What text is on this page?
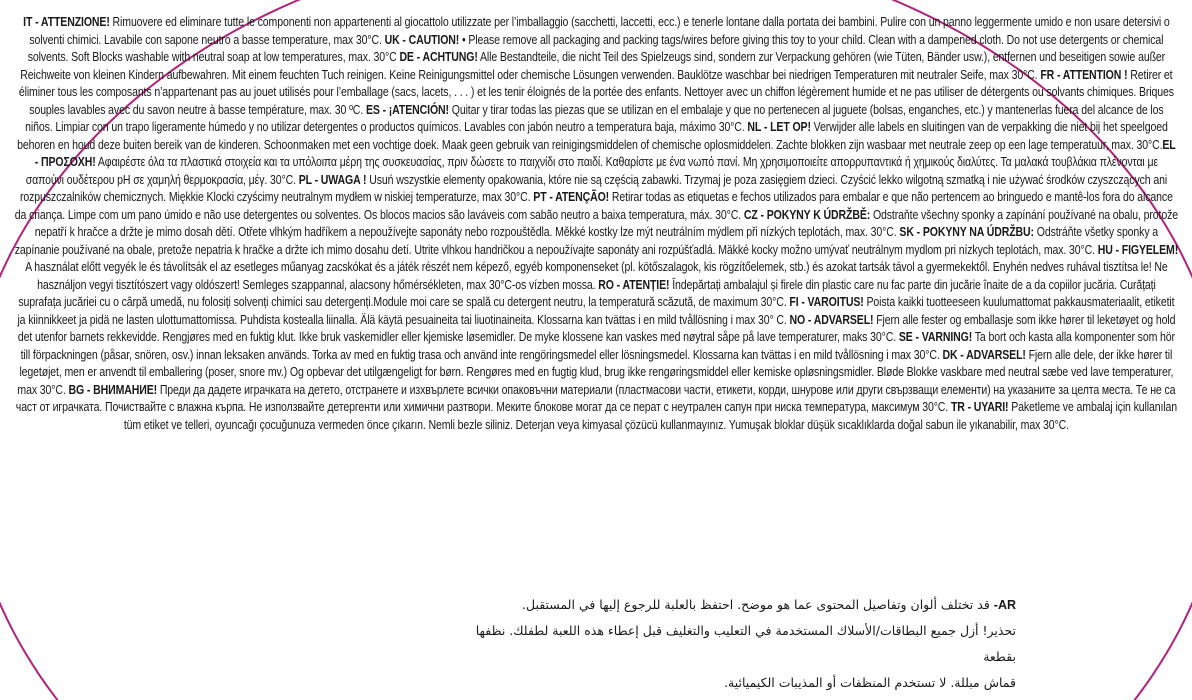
IT - ATTENZIONE! Rimuovere ed eliminare tutte le componenti non appartenenti al giocattolo utilizzate per l’imballaggio (sacchetti, laccetti, ecc.) e tenerle lontane dalla portata dei bambini. Pulire con un panno leggermente umido e non usare detersivi o solventi chimici. Lavabile con sapone neutro a basse temperature, max 30°C. UK - CAUTION! • Please remove all packaging and packing tags/wires before giving this toy to your child. Clean with a dampened cloth. Do not use detergents or chemical solvents. Soft Blocks washable with neutral soap at low temperatures, max. 30°C DE - ACHTUNG! Alle Bestandteile, die nicht Teil des Spielzeugs sind, sondern zur Verpackung gehören (wie Tüten, Bänder usw.), entfernen und beseitigen sowie außer Reichweite von kleinen Kindern aufbewahren. Mit einem feuchten Tuch reinigen. Keine Reinigungsmittel oder chemische Lösungen verwenden. Bauklötze waschbar bei niedrigen Temperaturen mit neutraler Seife, max 30°C. FR - ATTENTION ! Retirer et éliminer tous les composants n’appartenant pas au jouet utilisés pour l’emballage (sacs, lacets, . . . ) et les tenir éloignés de la portée des enfants. Nettoyer avec un chiffon légèrement humide et ne pas utiliser de détergents ou solvants chimiques. Briques souples lavables avec du savon neutre à basse température, max. 30 ºC. ES - ¡ATENCIÓN! Quitar y tirar todas las piezas que se utilizan en el embalaje y que no pertenecen al juguete (bolsas, enganches, etc.) y mantenerlas fuera del alcance de los niños. Limpiar con un trapo ligeramente húmedo y no utilizar detergentes o productos químicos. Lavables con jabón neutro a temperatura baja, máximo 30°C. NL - LET OP! Verwijder alle labels en sluitingen van de verpakking die niet bij het speelgoed behoren en houd deze buiten bereik van de kinderen. Schoonmaken met een vochtige doek. Maak geen gebruik van reinigingsmiddelen of chemische oplosmiddelen. Zachte blokken zijn wasbaar met neutrale zeep op een lage temperatuur, max. 30°C.EL - ΠΡΟΣΟΧΗ! Αφαιρέστε όλα τα πλαστικά στοιχεία και τα υπόλοιπα μέρη της συσκευασίας, πριν δώσετε το παιχνίδι στο παιδί. Καθαρίστε με ένα νωπό πανί. Μη χρησιμοποιείτε απορρυπαντικά ή χημικούς διαλύτες. Τα μαλακά τουβλάκια πλένονται με σαπούνι ουδέτερου pH σε χαμηλή θερμοκρασία, μέγ. 30°C. PL - UWAGA ! Usuń wszystkie elementy opakowania, które nie są częścią zabawki. Trzymaj je poza zasięgiem dzieci. Czyścić lekko wilgotną szmatką i nie używać środków czyszczących ani rozpuszczalników chemicznych. Miękkie Klocki czyścimy neutralnym mydłem w niskiej temperaturze, max 30°C. PT - ATENÇÃO! Retirar todas as etiquetas e fechos utilizados para embalar e que não pertencem ao bringuedo e mantê-los fora do alcance da criança. Limpe com um pano úmido e não use detergentes ou solventes. Os blocos macios são laváveis com sabão neutro a baixa temperatura, máx. 30°C. CZ - POKYNY K ÚDRŽBĚ: Odstraňte všechny sponky a zapínání používané na obalu, protože nepatří k hračce a držte je mimo dosah dětí. Otřete vlhkým hadříkem a nepoužívejte saponáty nebo rozpouštědla. Měkké kostky lze mýt neutrálním mýdlem při nízkých teplotách, max. 30°C. SK - POKYNY NA ÚDRŽBU: Odstráňte všetky sponky a zapínanie používané na obale, pretože nepatria k hračke a držte ich mimo dosahu detí. Utrite vlhkou handričkou a nepoužívajte saponáty ani rozpúšťadlá. Mäkké kocky možno umývať neutrálnym mydlom pri nízkych teplotách, max. 30°C. HU - FIGYELEM! A használat előtt vegyék le és távolítsák el az esetleges műanyag zacskókat és a játék részét nem képező, egyéb komponenseket (pl. kötőszalagok, kis rögzítőelemek, stb.) és azokat tartsák távol a gyermekektől. Enyhén nedves ruhával tisztítsa le! Ne használjon vegyi tisztítószert vagy oldószert! Semleges szappannal, alacsony hőmérsékleten, max 30°C-os vízben mossa. RO - ATENȚIE! Îndepărtați ambalajul și firele din plastic care nu fac parte din jucărie înaite de a da copiilor jucăria. Curățați suprafața jucăriei cu o cârpă umedă, nu folosiți solvenți chimici sau detergenți.Module moi care se spală cu detergent neutru, la temperatură scăzută, de maximum 30°C. FI - VAROITUS! Poista kaikki tuotteeseen kuulumattomat pakkausmateriaalit, etiketit ja kiinnikkeet ja pidä ne lasten ulottumattomissa. Puhdista kostealla liinalla. Älä käytä pesuaineita tai liuotinaineita. Klossarna kan tvättas i en mild tvållösning i max 30° C. NO - ADVARSEL! Fjern alle fester og emballasje som ikke hører til leketøyet og hold det utenfor barnets rekkevidde. Rengjøres med en fuktig klut. Ikke bruk vaskemidler eller kjemiske løsemidler. De myke klossene kan vaskes med nøytral såpe på lave temperaturer, maks 30°C. SE - VARNING! Ta bort och kasta alla komponenter som hör till förpackningen (påsar, snören, osv.) innan leksaken används. Torka av med en fuktig trasa och använd inte rengöringsmedel eller lösningsmedel. Klossarna kan tvättas i en mild tvållösning i max 30°C. DK - ADVARSEL! Fjern alle dele, der ikke hører til legetøjet, men er anvendt til emballering (poser, snore mv.) Og opbevar det utilgængeligt for børn. Rengøres med en fugtig klud, brug ikke rengøringsmiddel eller kemiske opløsningsmidler. Bløde Blokke vaskbare med neutral sæbe ved lave temperaturer, max 30°C. BG - ВНИМАНИЕ! Преди да дадете играчката на детето, отстранете и изхвърлете всички опаковъчни материали (пластмасови части, етикети, корди, шнурове или други свързващи елементи) на указаните за целта места. Те не са част от играчката. Почиствайте с влажна кърпа. Не използвайте детергенти или химични разтвори. Меките блокове могат да се перат с неутрален сапун при ниска температура, максимум 30°C. TR - UYARI! Paketleme ve ambalaj için kullanılan tüm etiket ve telleri, oyuncağı çocuğunuza vermeden önce çıkarın. Nemli bezle siliniz. Deterjan veya kimyasal çözücü kullanmayınız. Yumuşak bloklar düşük sıcaklıklarda doğal sabun ile yıkanabilir, max 30°C.
AR- قد تختلف ألوان وتفاصيل المحتوى عما هو موضح. احتفظ بالعلبة للرجوع إليها في المستقبل.
تحذير! أزل جميع البطاقات/الأسلاك المستخدمة في التعليب والتغليف قبل إعطاء هذه اللعبة لطفلك. نظفها بقطعة
قماش مبللة. لا تستخدم المنظفات أو المذيبات الكيميائية.
